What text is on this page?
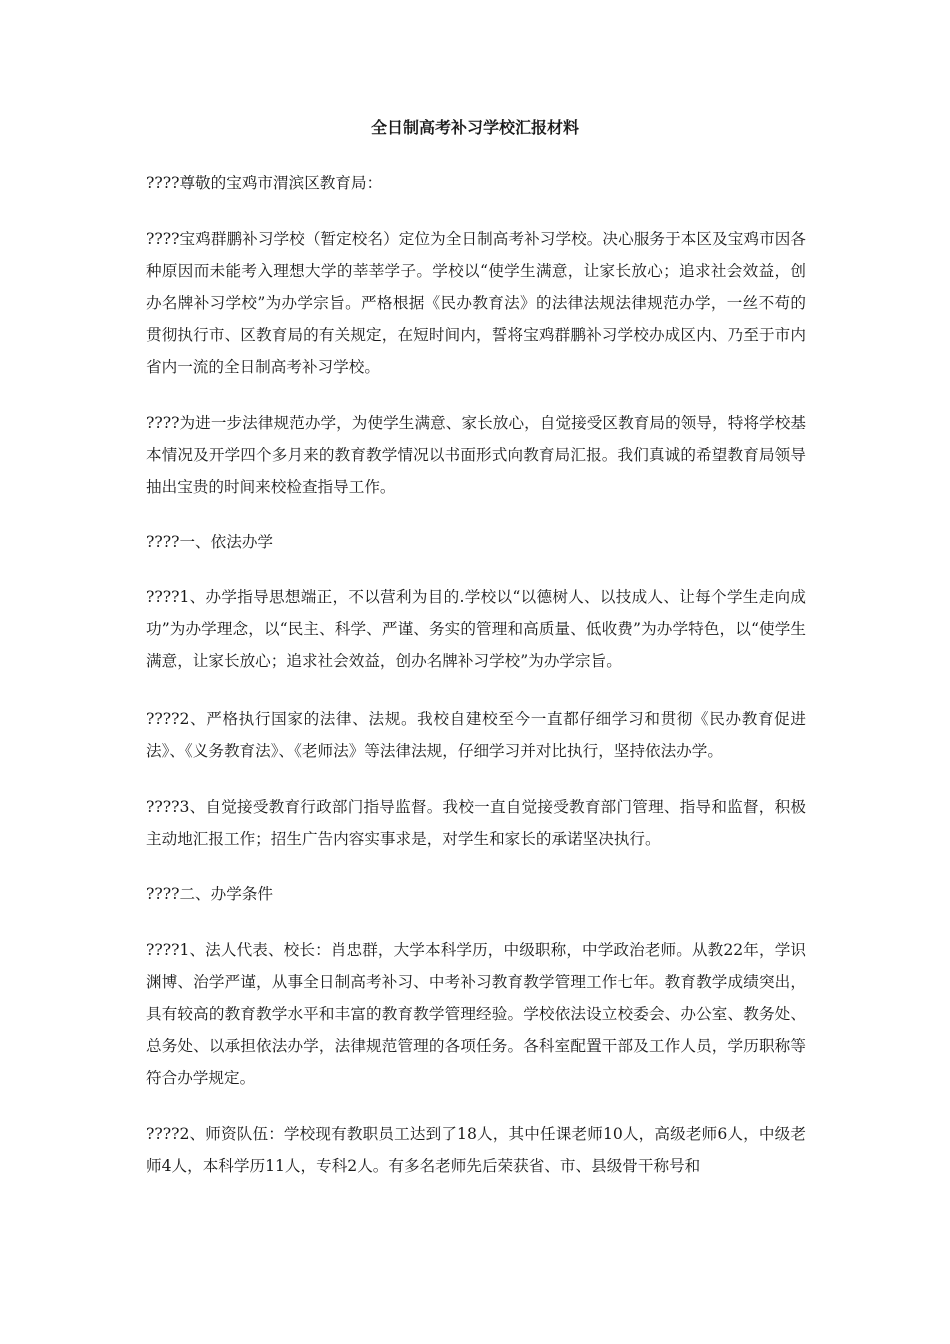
全日制高考补习学校汇报材料

????尊敬的宝鸡市渭滨区教育局：

????宝鸡群鹏补习学校（暂定校名）定位为全日制高考补习学校。决心服务于本区及宝鸡市因各种原因而未能考入理想大学的莘莘学子。学校以“使学生满意，让家长放心；追求社会效益，创办名牌补习学校”为办学宗旨。严格根据《民办教育法》的法律法规法律规范办学，一丝不苟的贯彻执行市、区教育局的有关规定，在短时间内，誓将宝鸡群鹏补习学校办成区内、乃至于市内省内一流的全日制高考补习学校。

????为进一步法律规范办学，为使学生满意、家长放心，自觉接受区教育局的领导，特将学校基本情况及开学四个多月来的教育教学情况以书面形式向教育局汇报。我们真诚的希望教育局领导抽出宝贵的时间来校检查指导工作。

????一、依法办学

????1、办学指导思想端正，不以营利为目的.学校以“以德树人、以技成人、让每个学生走向成功”为办学理念，以“民主、科学、严谨、务实的管理和高质量、低收费”为办学特色，以“使学生满意，让家长放心；追求社会效益，创办名牌补习学校”为办学宗旨。

????2、严格执行国家的法律、法规。我校自建校至今一直都仔细学习和贯彻《民办教育促进法》、《义务教育法》、《老师法》等法律法规，仔细学习并对比执行，坚持依法办学。

????3、自觉接受教育行政部门指导监督。我校一直自觉接受教育部门管理、指导和监督，积极主动地汇报工作；招生广告内容实事求是，对学生和家长的承诺坚决执行。

????二、办学条件

????1、法人代表、校长：肖忠群，大学本科学历，中级职称，中学政治老师。从教22年，学识渊博、治学严谨，从事全日制高考补习、中考补习教育教学管理工作七年。教育教学成绩突出，具有较高的教育教学水平和丰富的教育教学管理经验。学校依法设立校委会、办公室、教务处、总务处、以承担依法办学，法律规范管理的各项任务。各科室配置干部及工作人员，学历职称等符合办学规定。

????2、师资队伍：学校现有教职员工达到了18人，其中任课老师10人，高级老师6人，中级老师4人，本科学历11人，专科2人。有多名老师先后荣获省、市、县级骨干称号和
